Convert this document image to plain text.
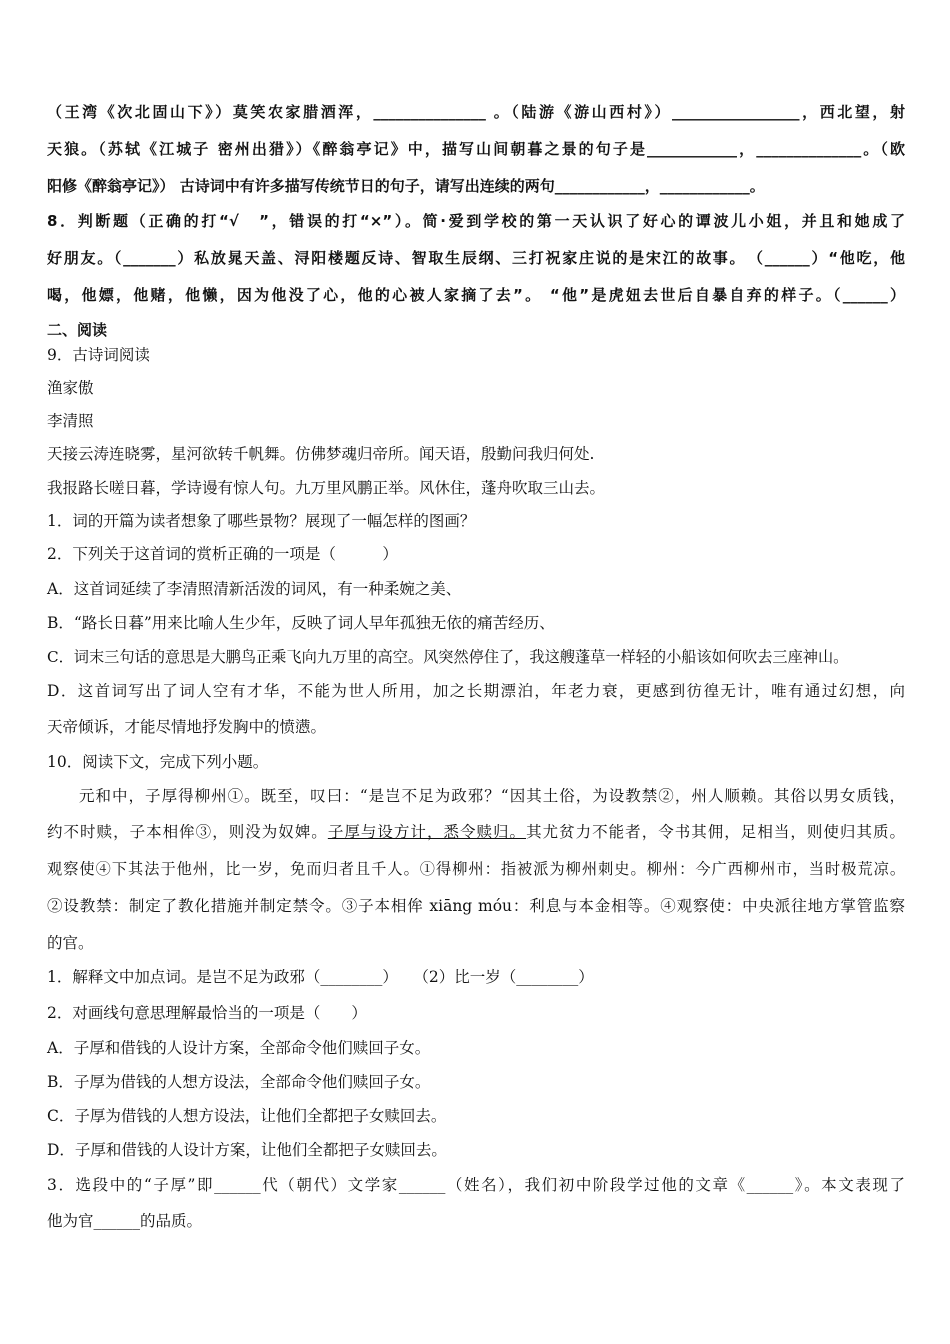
（王湾《次北固山下》）莫笑农家腊酒浑，_______________ 。（陆游《游山西村》）_________________，西北望，射
天狼。（苏轼《江城子 密州出猎》）《醉翁亭记》中，描写山间朝暮之景的句子是____________，______________。（欧
阳修《醉翁亭记》） 古诗词中有许多描写传统节日的句子，请写出连续的两句____________，____________。
8．判断题（正确的打“√　”，错误的打“×”）。简·爱到学校的第一天认识了好心的谭波儿小姐，并且和她成了
好朋友。（_______）私放晁天盖、浔阳楼题反诗、智取生辰纲、三打祝家庄说的是宋江的故事。　（______）“他吃，他
喝，他嫖，他赌，他懒，因为他没了心，他的心被人家摘了去”。 “他”是虎妞去世后自暴自弃的样子。（______）
二、阅读
9．古诗词阅读
渔家傲
李清照
天接云涛连晓雾，星河欲转千帆舞。仿佛梦魂归帝所。闻天语，殷勤问我归何处.
我报路长嗟日暮，学诗谩有惊人句。九万里风鹏正举。风休住，蓬舟吹取三山去。
1．词的开篇为读者想象了哪些景物？展现了一幅怎样的图画？
2．下列关于这首词的赏析正确的一项是（　　　）
A．这首词延续了李清照清新活泼的词风，有一种柔婉之美、
B．“路长日暮”用来比喻人生少年，反映了词人早年孤独无依的痛苦经历、
C．词末三句话的意思是大鹏鸟正乘飞向九万里的高空。风突然停住了，我这艘蓬草一样轻的小船该如何吹去三座神山。
D．这首词写出了词人空有才华，不能为世人所用，加之长期漂泊，年老力衰，更感到彷徨无计，唯有通过幻想，向
天帝倾诉，才能尽情地抒发胸中的愤懑。
10．阅读下文，完成下列小题。
元和中，子厚得柳州①。既至，叹曰：“是岂不足为政邪？“因其土俗，为设教禁②，州人顺赖。其俗以男女质钱，
约不时赎，子本相侔③，则没为奴婢。子厚与设方计，悉令赎归。其尤贫力不能者，令书其佣，足相当，则使归其质。
观察使④下其法于他州，比一岁，免而归者且千人。①得柳州：指被派为柳州刺史。柳州：今广西柳州市，当时极荒凉。
②设教禁：制定了教化措施并制定禁令。③子本相侔 xiāng móu：利息与本金相等。④观察使：中央派往地方掌管监察
的官。
1．解释文中加点词。是岂不足为政邪（________）　　（2）比一岁（________）
2．对画线句意思理解最恰当的一项是（　　）
A．子厚和借钱的人设计方案，全部命令他们赎回子女。
B．子厚为借钱的人想方设法，全部命令他们赎回子女。
C．子厚为借钱的人想方设法，让他们全都把子女赎回去。
D．子厚和借钱的人设计方案，让他们全都把子女赎回去。
3．选段中的“子厚”即______代（朝代）文学家______（姓名），我们初中阶段学过他的文章《______》。本文表现了
他为官______的品质。
